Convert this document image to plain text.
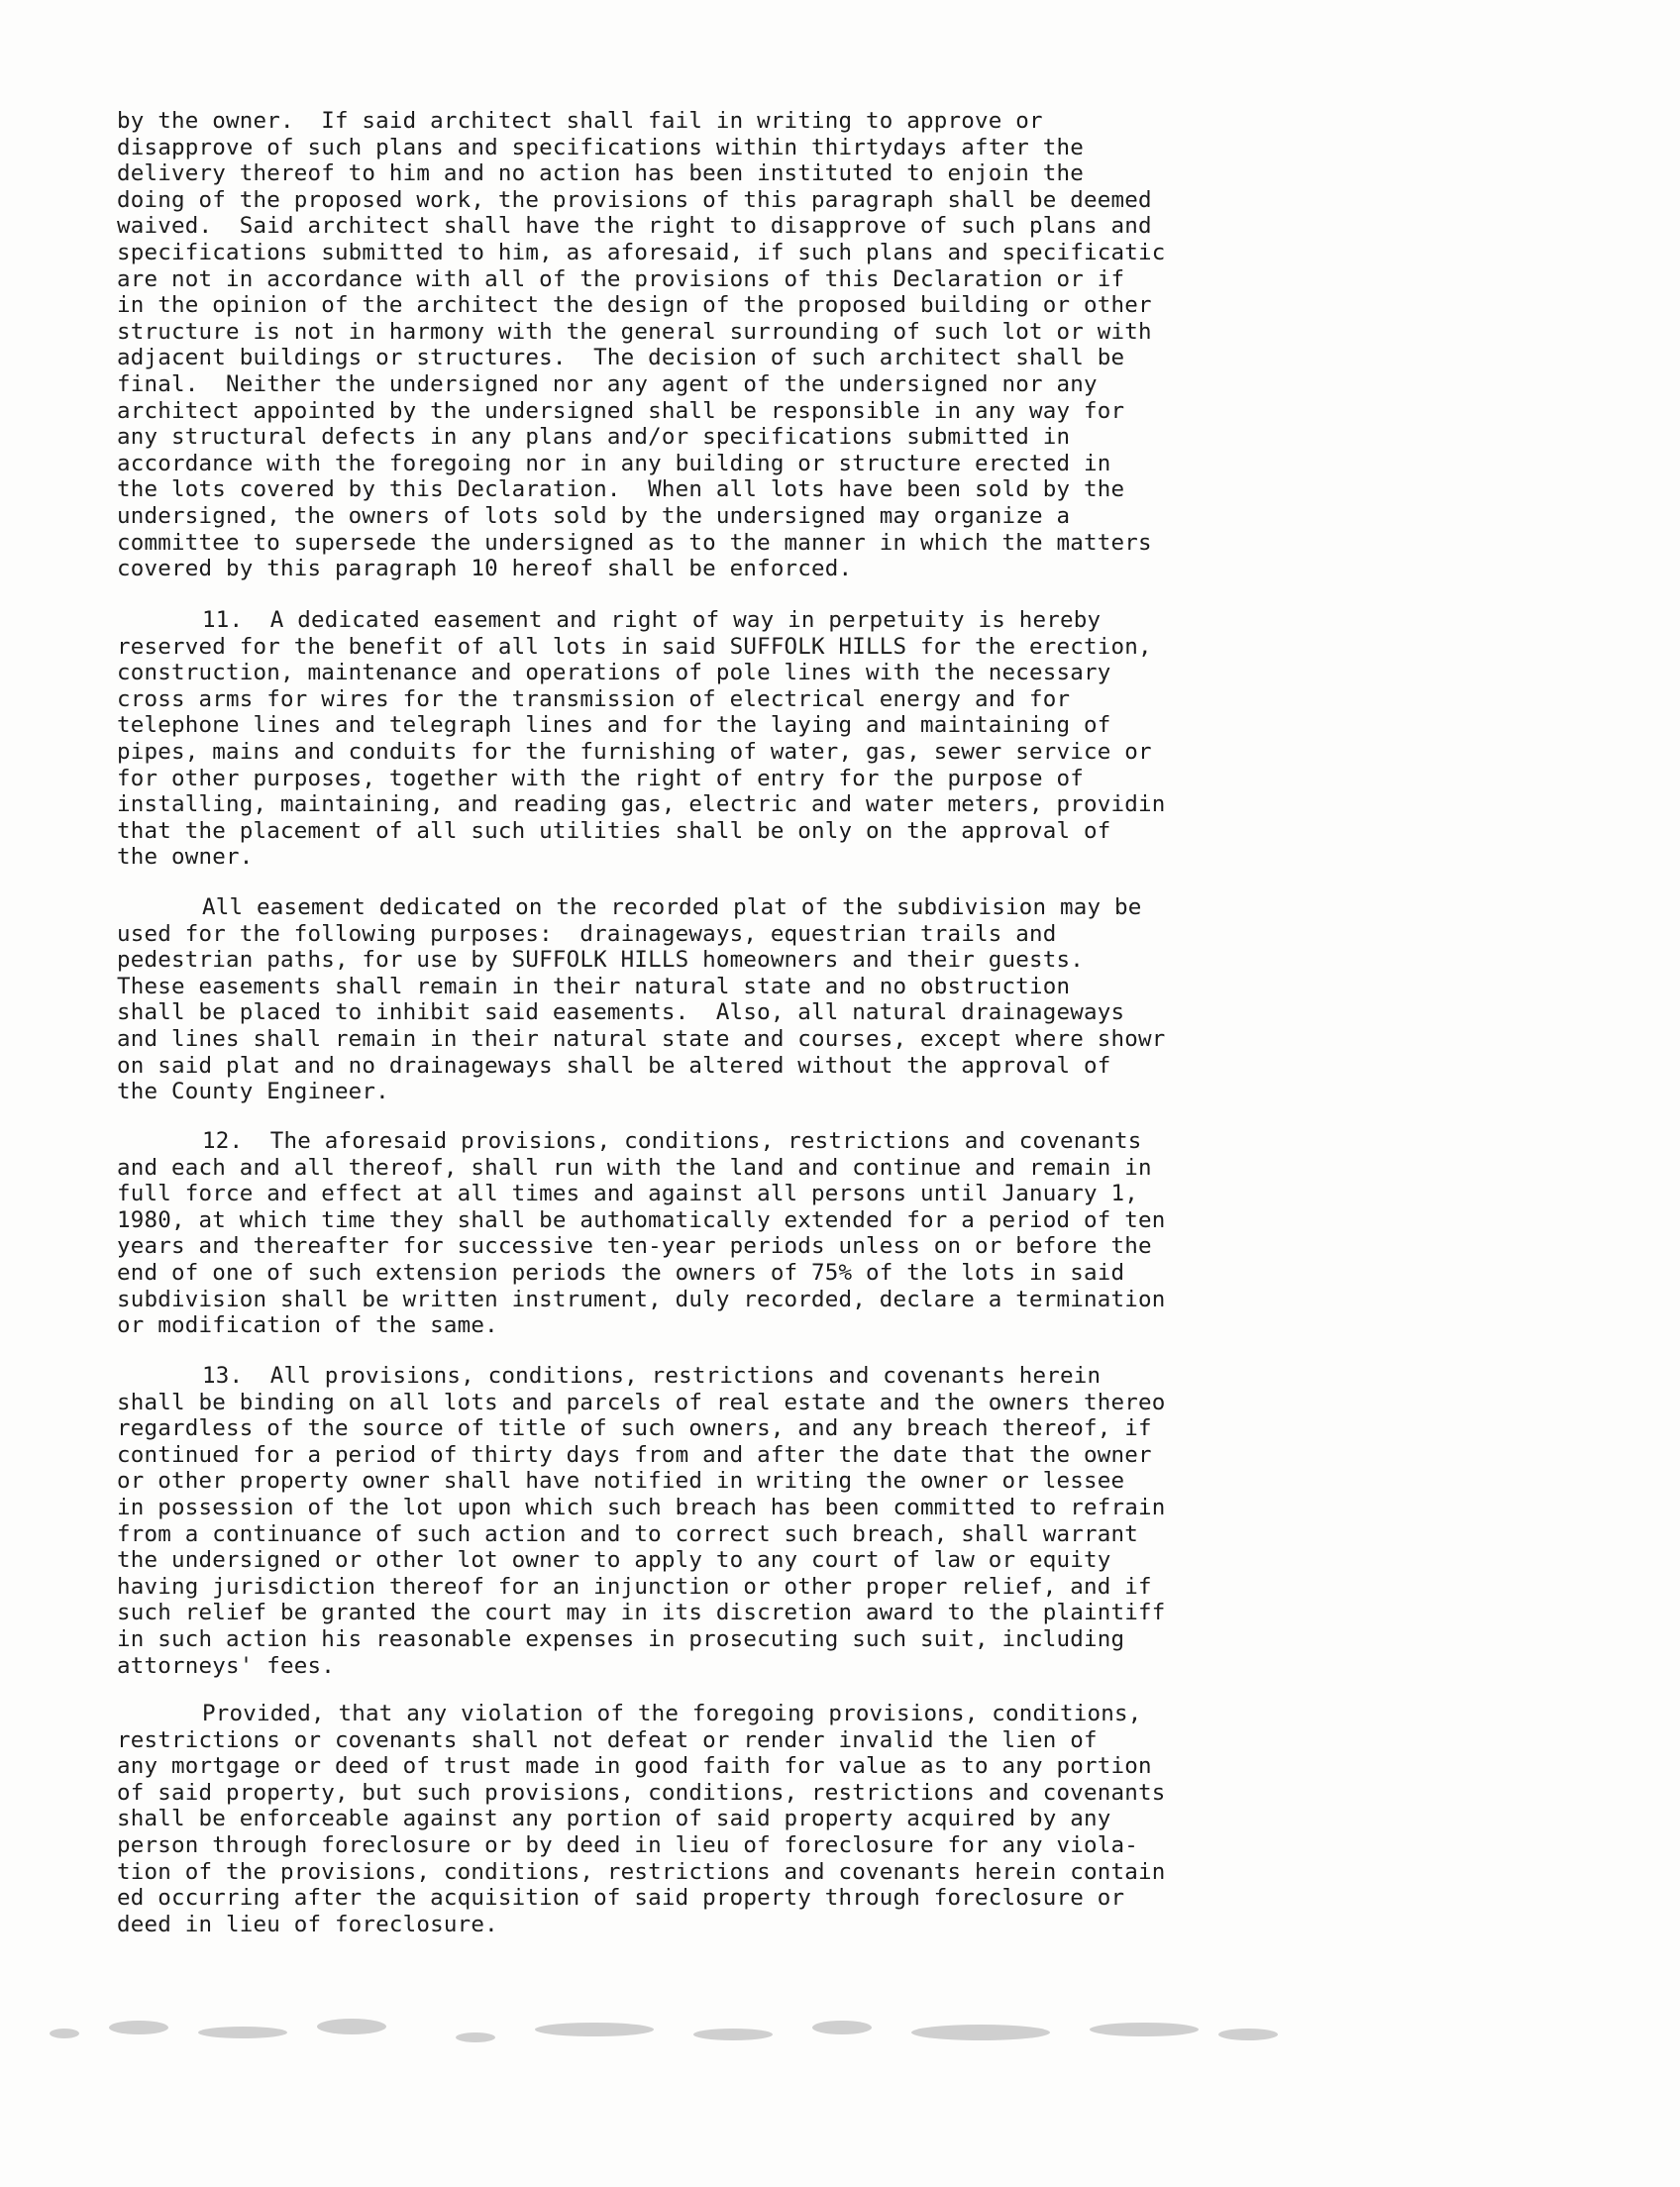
by the owner.  If said architect shall fail in writing to approve or
disapprove of such plans and specifications within thirtydays after the
delivery thereof to him and no action has been instituted to enjoin the
doing of the proposed work, the provisions of this paragraph shall be deemed
waived.  Said architect shall have the right to disapprove of such plans and
specifications submitted to him, as aforesaid, if such plans and specificatic
are not in accordance with all of the provisions of this Declaration or if
in the opinion of the architect the design of the proposed building or other
structure is not in harmony with the general surrounding of such lot or with
adjacent buildings or structures.  The decision of such architect shall be
final.  Neither the undersigned nor any agent of the undersigned nor any
architect appointed by the undersigned shall be responsible in any way for
any structural defects in any plans and/or specifications submitted in
accordance with the foregoing nor in any building or structure erected in
the lots covered by this Declaration.  When all lots have been sold by the
undersigned, the owners of lots sold by the undersigned may organize a
committee to supersede the undersigned as to the manner in which the matters
covered by this paragraph 10 hereof shall be enforced.
11.  A dedicated easement and right of way in perpetuity is hereby
reserved for the benefit of all lots in said SUFFOLK HILLS for the erection,
construction, maintenance and operations of pole lines with the necessary
cross arms for wires for the transmission of electrical energy and for
telephone lines and telegraph lines and for the laying and maintaining of
pipes, mains and conduits for the furnishing of water, gas, sewer service or
for other purposes, together with the right of entry for the purpose of
installing, maintaining, and reading gas, electric and water meters, providin
that the placement of all such utilities shall be only on the approval of
the owner.
All easement dedicated on the recorded plat of the subdivision may be
used for the following purposes:  drainageways, equestrian trails and
pedestrian paths, for use by SUFFOLK HILLS homeowners and their guests.
These easements shall remain in their natural state and no obstruction
shall be placed to inhibit said easements.  Also, all natural drainageways
and lines shall remain in their natural state and courses, except where showr
on said plat and no drainageways shall be altered without the approval of
the County Engineer.
12.  The aforesaid provisions, conditions, restrictions and covenants
and each and all thereof, shall run with the land and continue and remain in
full force and effect at all times and against all persons until January 1,
1980, at which time they shall be authomatically extended for a period of ten
years and thereafter for successive ten-year periods unless on or before the
end of one of such extension periods the owners of 75% of the lots in said
subdivision shall be written instrument, duly recorded, declare a termination
or modification of the same.
13.  All provisions, conditions, restrictions and covenants herein
shall be binding on all lots and parcels of real estate and the owners thereo
regardless of the source of title of such owners, and any breach thereof, if
continued for a period of thirty days from and after the date that the owner
or other property owner shall have notified in writing the owner or lessee
in possession of the lot upon which such breach has been committed to refrain
from a continuance of such action and to correct such breach, shall warrant
the undersigned or other lot owner to apply to any court of law or equity
having jurisdiction thereof for an injunction or other proper relief, and if
such relief be granted the court may in its discretion award to the plaintiff
in such action his reasonable expenses in prosecuting such suit, including
attorneys' fees.
Provided, that any violation of the foregoing provisions, conditions,
restrictions or covenants shall not defeat or render invalid the lien of
any mortgage or deed of trust made in good faith for value as to any portion
of said property, but such provisions, conditions, restrictions and covenants
shall be enforceable against any portion of said property acquired by any
person through foreclosure or by deed in lieu of foreclosure for any viola-
tion of the provisions, conditions, restrictions and covenants herein contain
ed occurring after the acquisition of said property through foreclosure or
deed in lieu of foreclosure.
